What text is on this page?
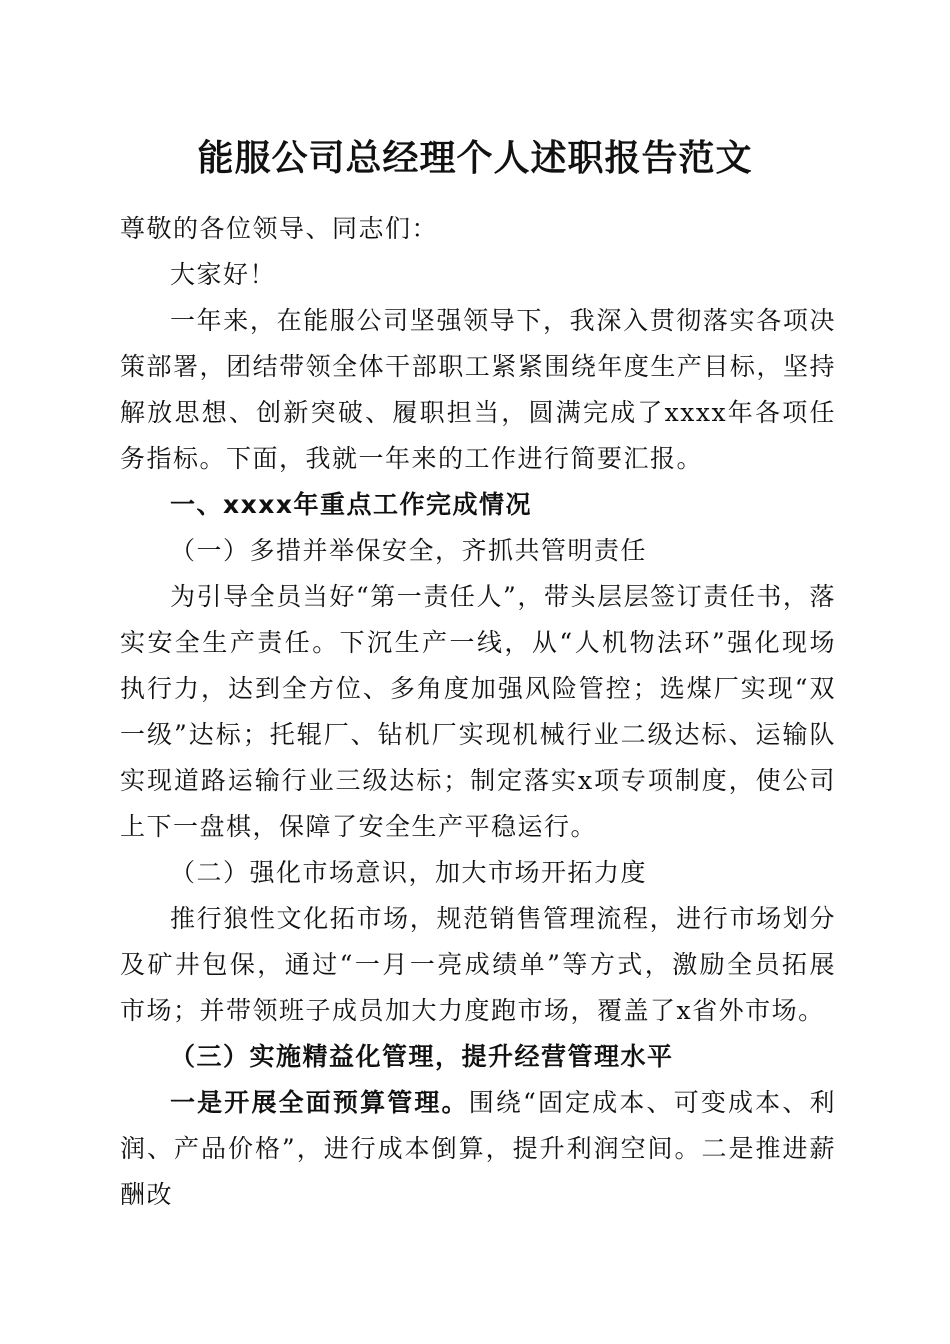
能服公司总经理个人述职报告范文

尊敬的各位领导、同志们：

大家好！

一年来，在能服公司坚强领导下，我深入贯彻落实各项决策部署，团结带领全体干部职工紧紧围绕年度生产目标，坚持解放思想、创新突破、履职担当，圆满完成了xxxx年各项任务指标。下面，我就一年来的工作进行简要汇报。

一、xxxx年重点工作完成情况

（一）多措并举保安全，齐抓共管明责任

为引导全员当好“第一责任人”，带头层层签订责任书，落实安全生产责任。下沉生产一线，从“人机物法环”强化现场执行力，达到全方位、多角度加强风险管控；选煤厂实现“双一级”达标；托辊厂、钻机厂实现机械行业二级达标、运输队实现道路运输行业三级达标；制定落实x项专项制度，使公司上下一盘棋，保障了安全生产平稳运行。

（二）强化市场意识，加大市场开拓力度

推行狼性文化拓市场，规范销售管理流程，进行市场划分及矿井包保，通过“一月一亮成绩单”等方式，激励全员拓展市场；并带领班子成员加大力度跑市场，覆盖了x省外市场。

（三）实施精益化管理，提升经营管理水平

一是开展全面预算管理。围绕“固定成本、可变成本、利润、产品价格”，进行成本倒算，提升利润空间。二是推进薪酬改
